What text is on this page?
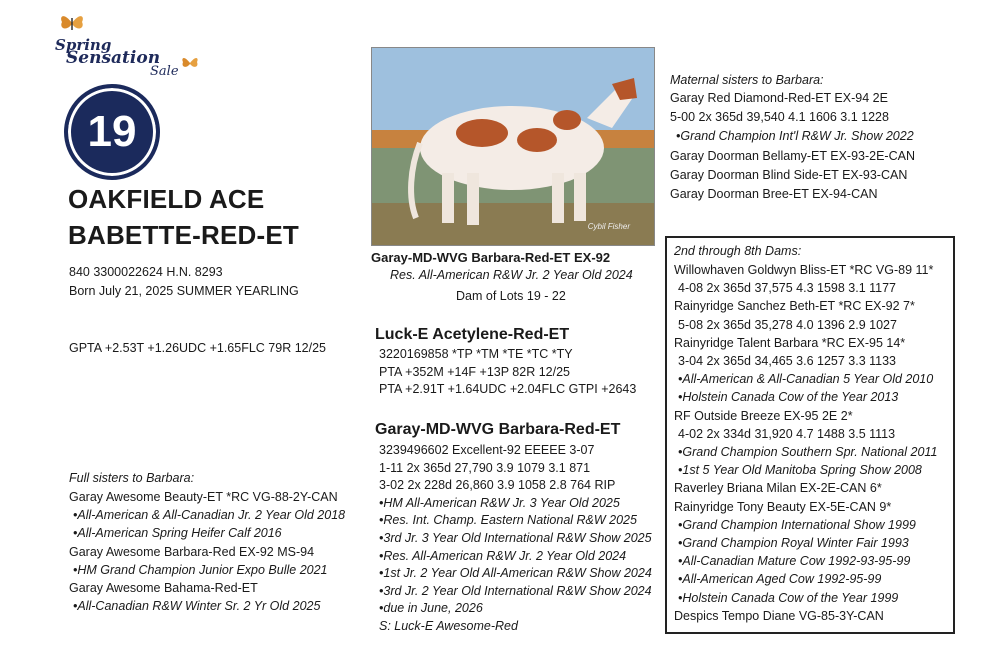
Spring
Sensation
Sale
19
OAKFIELD ACE
BABETTE-RED-ET
840 3300022624 H.N. 8293
Born July 21, 2025 SUMMER YEARLING
GPTA +2.53T +1.26UDC +1.65FLC 79R 12/25
Full sisters to Barbara:
Garay Awesome Beauty-ET *RC VG-88-2Y-CAN
•All-American & All-Canadian Jr. 2 Year Old 2018
•All-American Spring Heifer Calf 2016
Garay Awesome Barbara-Red EX-92 MS-94
•HM Grand Champion Junior Expo Bulle 2021
Garay Awesome Bahama-Red-ET
•All-Canadian R&W Winter Sr. 2 Yr Old 2025
Cybil Fisher
Garay-MD-WVG Barbara-Red-ET EX-92
Res. All-American R&W Jr. 2 Year Old 2024
Dam of Lots 19 - 22
Luck-E Acetylene-Red-ET
3220169858 *TP *TM *TE *TC *TY
PTA +352M +14F +13P 82R 12/25
PTA +2.91T +1.64UDC +2.04FLC GTPI +2643
Garay-MD-WVG Barbara-Red-ET
3239496602 Excellent-92 EEEEE 3-07
1-11 2x 365d 27,790 3.9 1079 3.1 871
3-02 2x 228d 26,860 3.9 1058 2.8 764 RIP
•HM All-American R&W Jr. 3 Year Old 2025
•Res. Int. Champ. Eastern National R&W 2025
•3rd Jr. 3 Year Old International R&W Show 2025
•Res. All-American R&W Jr. 2 Year Old 2024
•1st Jr. 2 Year Old All-American R&W Show 2024
•3rd Jr. 2 Year Old International R&W Show 2024
•due in June, 2026
S: Luck-E Awesome-Red
Maternal sisters to Barbara:
Garay Red Diamond-Red-ET EX-94 2E
5-00 2x 365d 39,540 4.1 1606 3.1 1228
•Grand Champion Int'l R&W Jr. Show 2022
Garay Doorman Bellamy-ET EX-93-2E-CAN
Garay Doorman Blind Side-ET EX-93-CAN
Garay Doorman Bree-ET EX-94-CAN
2nd through 8th Dams:
Willowhaven Goldwyn Bliss-ET *RC VG-89 11*
4-08 2x 365d 37,575 4.3 1598 3.1 1177
Rainyridge Sanchez Beth-ET *RC EX-92 7*
5-08 2x 365d 35,278 4.0 1396 2.9 1027
Rainyridge Talent Barbara *RC EX-95 14*
3-04 2x 365d 34,465 3.6 1257 3.3 1133
•All-American & All-Canadian 5 Year Old 2010
•Holstein Canada Cow of the Year 2013
RF Outside Breeze EX-95 2E 2*
4-02 2x 334d 31,920 4.7 1488 3.5 1113
•Grand Champion Southern Spr. National 2011
•1st 5 Year Old Manitoba Spring Show 2008
Raverley Briana Milan EX-2E-CAN 6*
Rainyridge Tony Beauty EX-5E-CAN 9*
•Grand Champion International Show 1999
•Grand Champion Royal Winter Fair 1993
•All-Canadian Mature Cow 1992-93-95-99
•All-American Aged Cow 1992-95-99
•Holstein Canada Cow of the Year 1999
Despics Tempo Diane VG-85-3Y-CAN
